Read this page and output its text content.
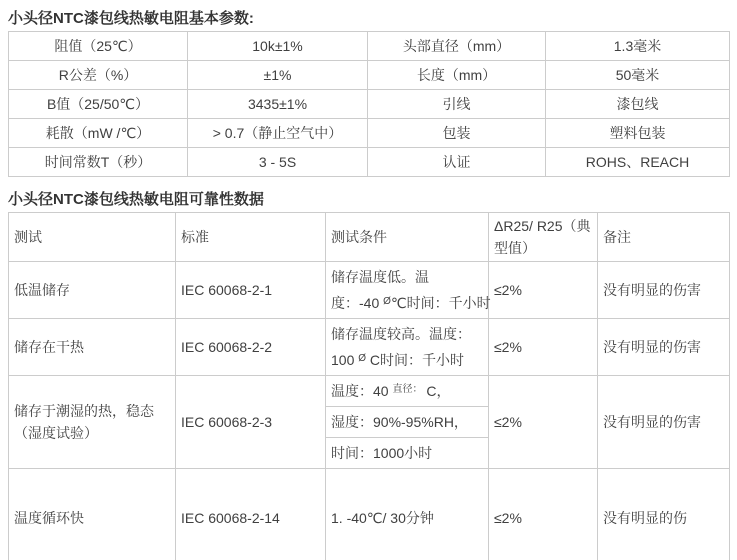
小头径NTC漆包线热敏电阻基本参数:
阻值（25℃）	10k±1%	头部直径（mm）	1.3毫米
R公差（%）	±1%	长度（mm）	50毫米
B值（25/50℃）	3435±1%	引线	漆包线
耗散（mW /℃）	> 0.7（静止空气中）	包装	塑料包装
时间常数T（秒）	3 - 5S	认证	ROHS、REACH
小头径NTC漆包线热敏电阻可靠性数据
测试	标准	测试条件	ΔR25/ R25（典型值）	备注
低温储存	IEC 60068-2-1	储存温度低。温
度：-40 $^Ø$℃时间：千小时	≤2%	没有明显的伤害
储存在干热	IEC 60068-2-2	储存温度较高。温度：
100 $^Ø$ C时间：千小时	≤2%	没有明显的伤害
储存于潮湿的热，稳态（湿度试验）	IEC 60068-2-3	温度：40 $^{直径:}$ C，	≤2%	没有明显的伤害

		湿度：90%-95%RH，		

		时间：1000小时		

温度循环快	IEC 60068-2-14	1. -40℃/ 30分钟	≤2%	没有明显的伤
